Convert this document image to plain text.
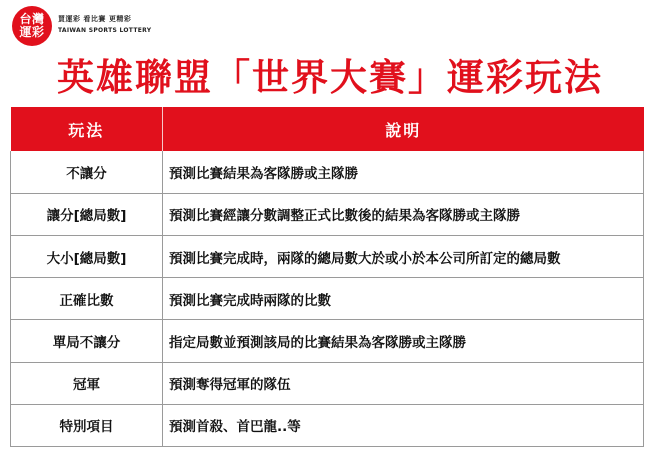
台灣
運彩
買運彩 看比賽 更精彩
TAIWAN SPORTS LOTTERY
英雄聯盟「世界大賽」運彩玩法
玩法	說明
不讓分	預測比賽結果為客隊勝或主隊勝
讓分[總局數]	預測比賽經讓分數調整正式比數後的結果為客隊勝或主隊勝
大小[總局數]	預測比賽完成時，兩隊的總局數大於或小於本公司所訂定的總局數
正確比數	預測比賽完成時兩隊的比數
單局不讓分	指定局數並預測該局的比賽結果為客隊勝或主隊勝
冠軍	預測奪得冠軍的隊伍
特別項目	預測首殺、首巴龍..等
